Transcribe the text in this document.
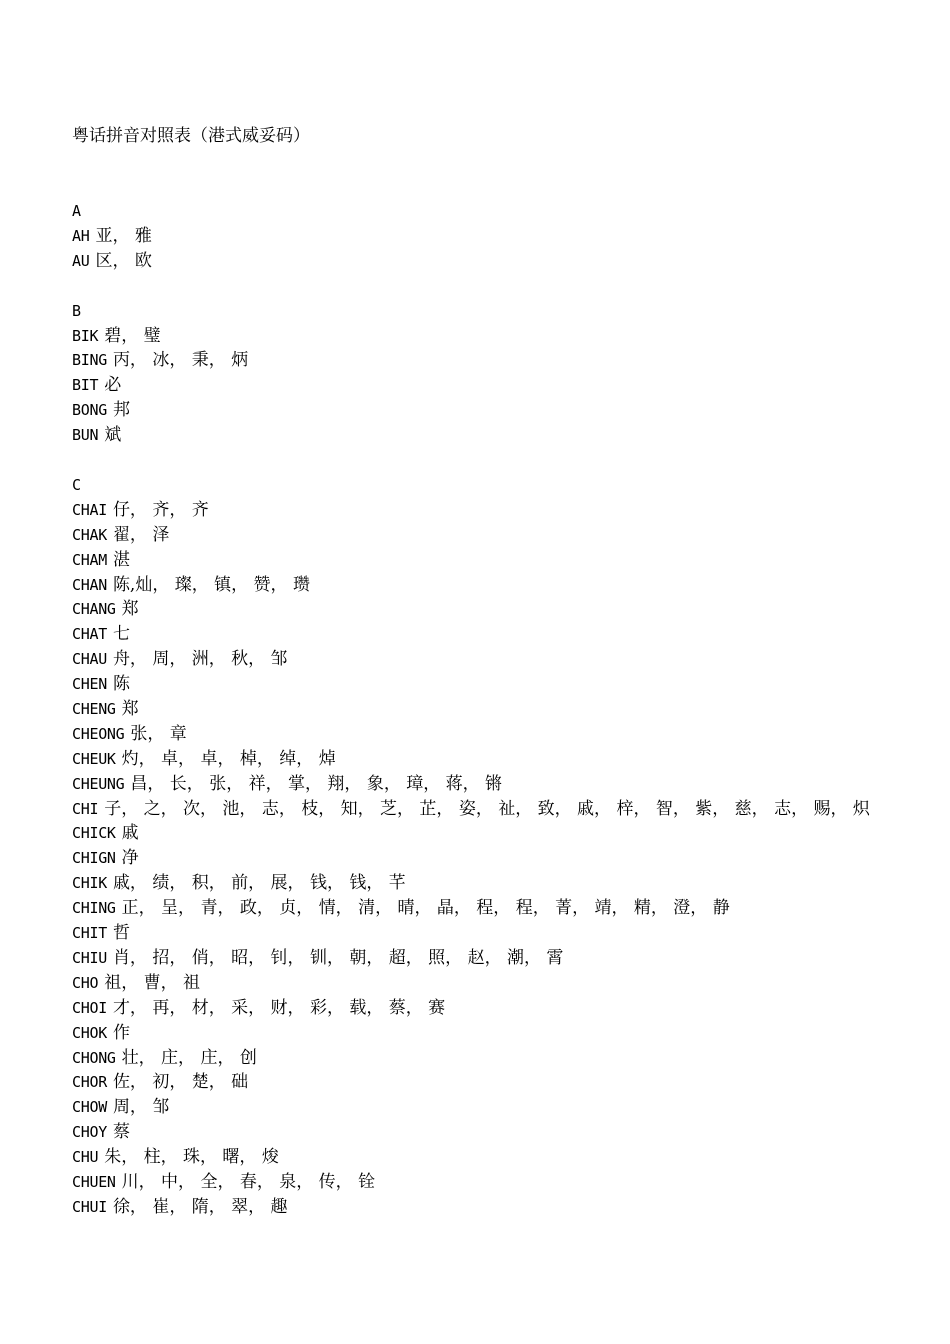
粤话拼音对照表（港式威妥码）
A
AH 亚， 雅
AU 区， 欧
B
BIK 碧， 璧
BING 丙， 冰， 秉， 炳
BIT 必
BONG 邦
BUN 斌
C
CHAI 仔， 齐， 齐
CHAK 翟， 泽
CHAM 湛
CHAN 陈,灿， 璨， 镇， 赞， 瓒
CHANG 郑
CHAT 七
CHAU 舟， 周， 洲， 秋， 邹
CHEN 陈
CHENG 郑
CHEONG 张， 章
CHEUK 灼， 卓， 卓， 棹， 绰， 焯
CHEUNG 昌， 长， 张， 祥， 掌， 翔， 象， 璋， 蒋， 锵
CHI 子， 之， 次， 池， 志， 枝， 知， 芝， 芷， 姿， 祉， 致， 戚， 梓， 智， 紫， 慈， 志， 赐， 炽
CHICK 戚
CHIGN 净
CHIK 戚， 绩， 积， 前， 展， 钱， 钱， 芊
CHING 正， 呈， 青， 政， 贞， 情， 清， 晴， 晶， 程， 程， 菁， 靖， 精， 澄， 静
CHIT 哲
CHIU 肖， 招， 俏， 昭， 钊， 钏， 朝， 超， 照， 赵， 潮， 霄
CHO 祖， 曹， 祖
CHOI 才， 再， 材， 采， 财， 彩， 载， 蔡， 赛
CHOK 作
CHONG 壮， 庄， 庄， 创
CHOR 佐， 初， 楚， 础
CHOW 周， 邹
CHOY 蔡
CHU 朱， 柱， 珠， 曙， 焌
CHUEN 川， 中， 全， 春， 泉， 传， 铨
CHUI 徐， 崔， 隋， 翠， 趣
